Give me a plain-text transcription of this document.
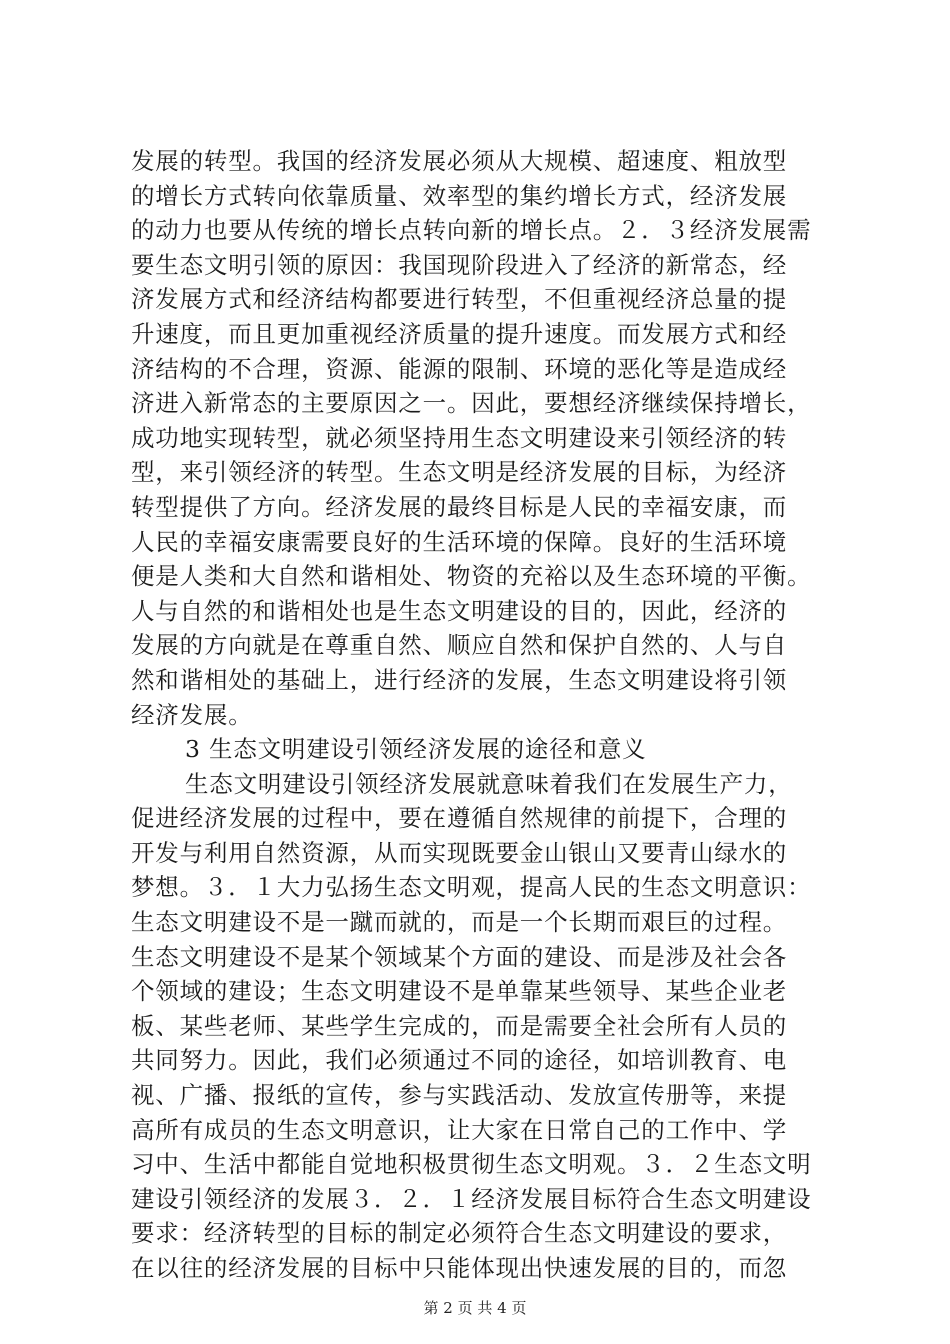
发展的转型。我国的经济发展必须从大规模、超速度、粗放型
的增长方式转向依靠质量、效率型的集约增长方式，经济发展
的动力也要从传统的增长点转向新的增长点。２．３经济发展需
要生态文明引领的原因：我国现阶段进入了经济的新常态，经
济发展方式和经济结构都要进行转型，不但重视经济总量的提
升速度，而且更加重视经济质量的提升速度。而发展方式和经
济结构的不合理，资源、能源的限制、环境的恶化等是造成经
济进入新常态的主要原因之一。因此，要想经济继续保持增长，
成功地实现转型，就必须坚持用生态文明建设来引领经济的转
型，来引领经济的转型。生态文明是经济发展的目标，为经济
转型提供了方向。经济发展的最终目标是人民的幸福安康，而
人民的幸福安康需要良好的生活环境的保障。良好的生活环境
便是人类和大自然和谐相处、物资的充裕以及生态环境的平衡。
人与自然的和谐相处也是生态文明建设的目的，因此，经济的
发展的方向就是在尊重自然、顺应自然和保护自然的、人与自
然和谐相处的基础上，进行经济的发展，生态文明建设将引领
经济发展。
3 生态文明建设引领经济发展的途径和意义
生态文明建设引领经济发展就意味着我们在发展生产力，
促进经济发展的过程中，要在遵循自然规律的前提下，合理的
开发与利用自然资源，从而实现既要金山银山又要青山绿水的
梦想。３．１大力弘扬生态文明观，提高人民的生态文明意识：
生态文明建设不是一蹴而就的，而是一个长期而艰巨的过程。
生态文明建设不是某个领域某个方面的建设、而是涉及社会各
个领域的建设；生态文明建设不是单靠某些领导、某些企业老
板、某些老师、某些学生完成的，而是需要全社会所有人员的
共同努力。因此，我们必须通过不同的途径，如培训教育、电
视、广播、报纸的宣传，参与实践活动、发放宣传册等，来提
高所有成员的生态文明意识，让大家在日常自己的工作中、学
习中、生活中都能自觉地积极贯彻生态文明观。３．２生态文明
建设引领经济的发展３．２．１经济发展目标符合生态文明建设
要求：经济转型的目标的制定必须符合生态文明建设的要求，
在以往的经济发展的目标中只能体现出快速发展的目的，而忽
第 2 页 共 4 页
